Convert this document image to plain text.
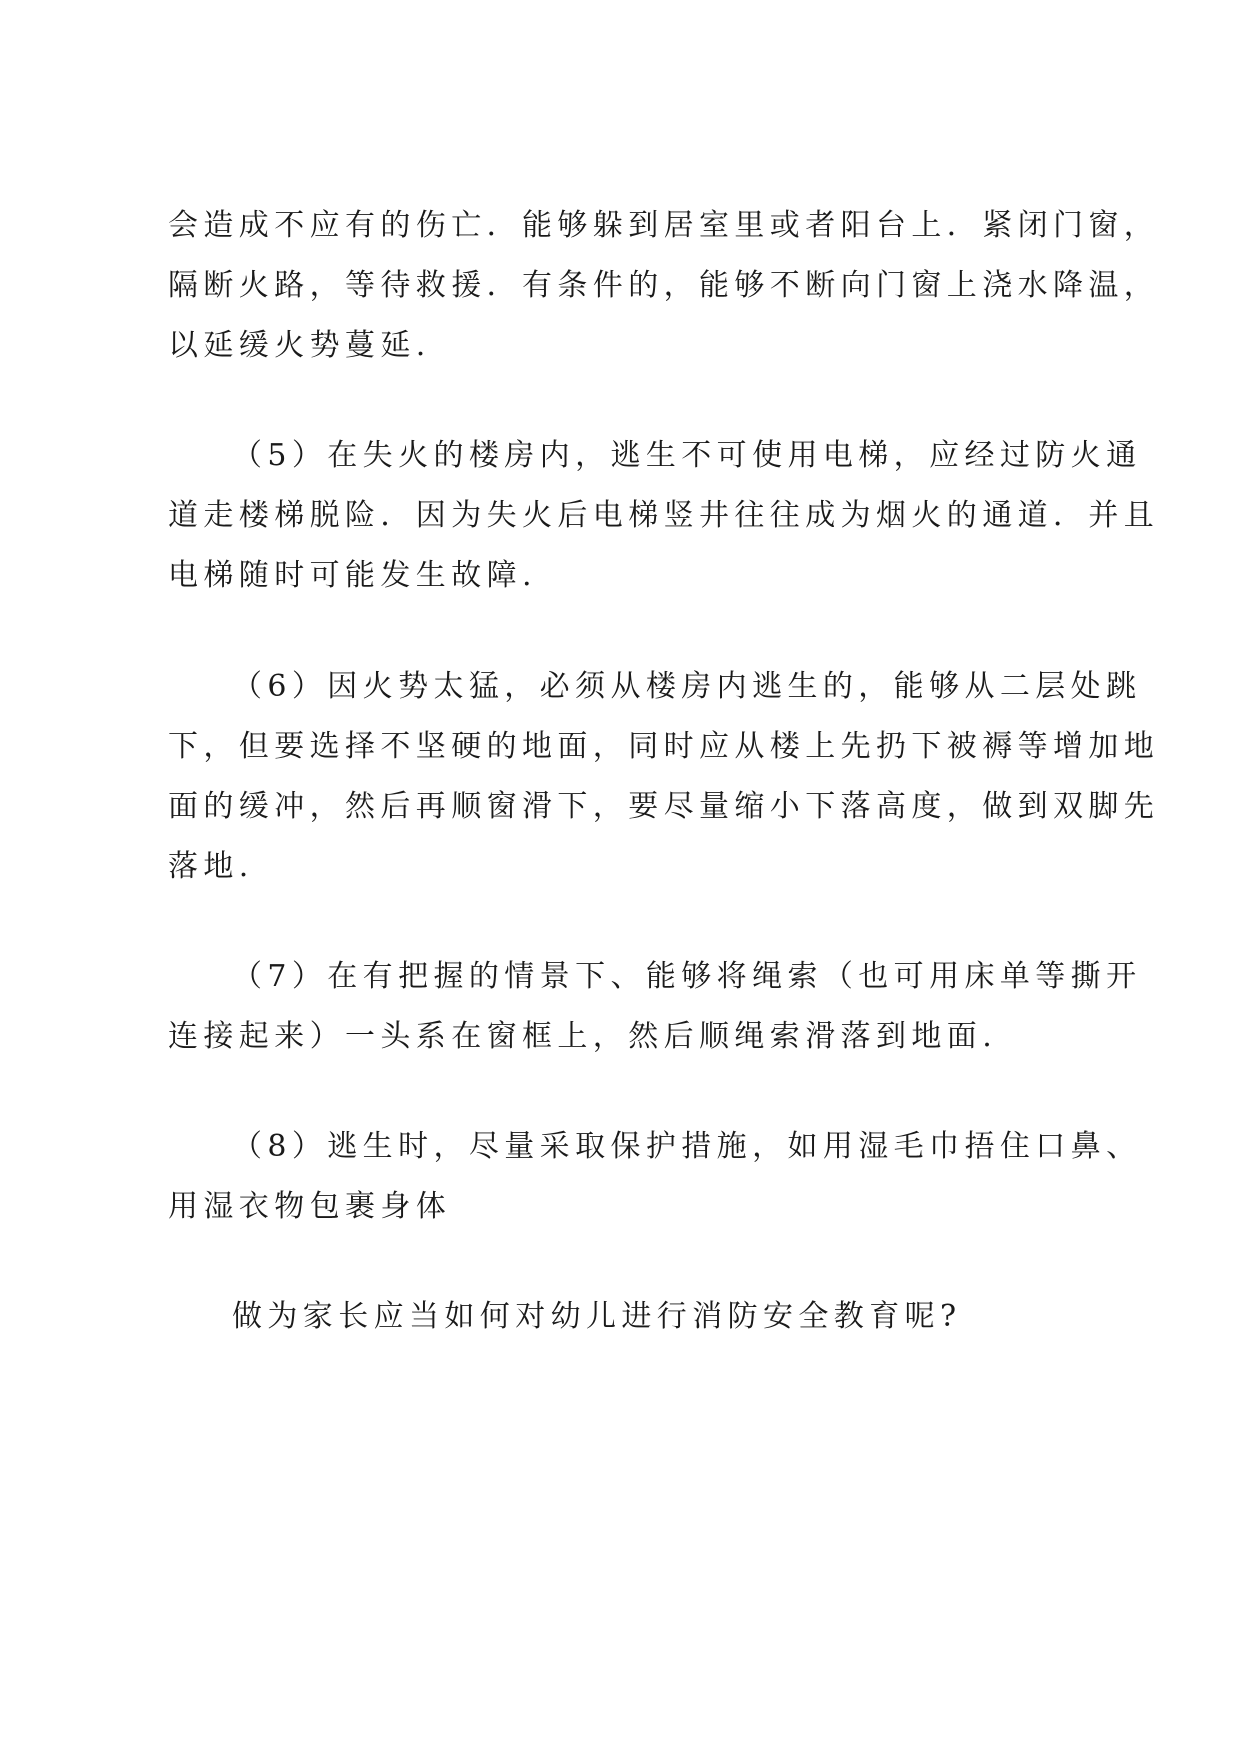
会造成不应有的伤亡．能够躲到居室里或者阳台上．紧闭门窗，

隔断火路，等待救援．有条件的，能够不断向门窗上浇水降温，

以延缓火势蔓延.

（5）在失火的楼房内，逃生不可使用电梯，应经过防火通

道走楼梯脱险．因为失火后电梯竖井往往成为烟火的通道．并且

电梯随时可能发生故障.

（6）因火势太猛，必须从楼房内逃生的，能够从二层处跳

下，但要选择不坚硬的地面，同时应从楼上先扔下被褥等增加地

面的缓冲，然后再顺窗滑下，要尽量缩小下落高度，做到双脚先

落地.

（7）在有把握的情景下、能够将绳索（也可用床单等撕开

连接起来）一头系在窗框上，然后顺绳索滑落到地面.

（8）逃生时，尽量采取保护措施，如用湿毛巾捂住口鼻、

用湿衣物包裹身体

做为家长应当如何对幼儿进行消防安全教育呢?
